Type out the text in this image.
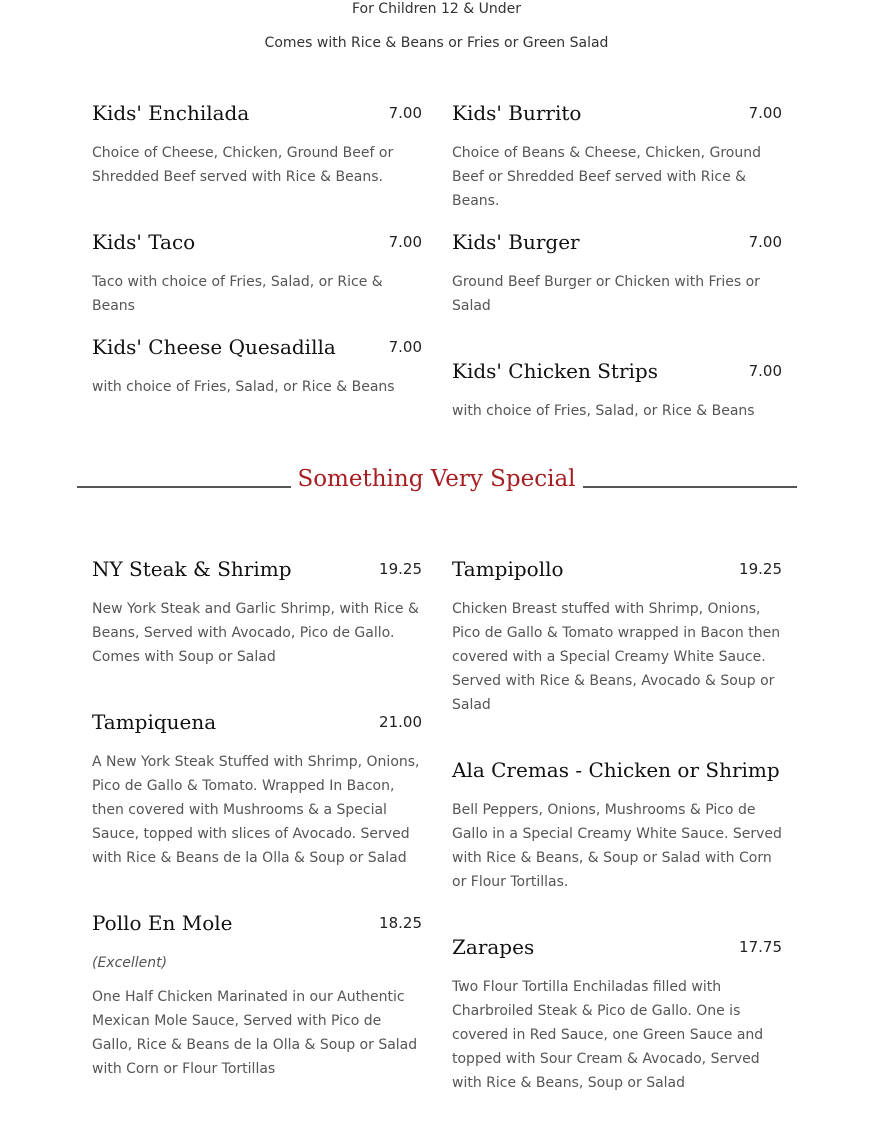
For Children 12 & Under
Comes with Rice & Beans or Fries or Green Salad
Kids' Enchilada	7.00
Choice of Cheese, Chicken, Ground Beef or Shredded Beef served with Rice & Beans.
Kids' Burrito	7.00
Choice of Beans & Cheese, Chicken, Ground Beef or Shredded Beef served with Rice & Beans.
Kids' Taco	7.00
Taco with choice of Fries, Salad, or Rice & Beans
Kids' Burger	7.00
Ground Beef Burger or Chicken with Fries or Salad
Kids' Cheese Quesadilla	7.00
with choice of Fries, Salad, or Rice & Beans
Kids' Chicken Strips	7.00
with choice of Fries, Salad, or Rice & Beans
Something Very Special
NY Steak & Shrimp	19.25
New York Steak and Garlic Shrimp, with Rice & Beans, Served with Avocado, Pico de Gallo. Comes with Soup or Salad
Tampipollo	19.25
Chicken Breast stuffed with Shrimp, Onions, Pico de Gallo & Tomato wrapped in Bacon then covered with a Special Creamy White Sauce. Served with Rice & Beans, Avocado & Soup or Salad
Tampiquena	21.00
A New York Steak Stuffed with Shrimp, Onions, Pico de Gallo & Tomato. Wrapped In Bacon, then covered with Mushrooms & a Special Sauce, topped with slices of Avocado. Served with Rice & Beans de la Olla & Soup or Salad
Ala Cremas - Chicken or Shrimp
Bell Peppers, Onions, Mushrooms & Pico de Gallo in a Special Creamy White Sauce. Served with Rice & Beans, & Soup or Salad with Corn or Flour Tortillas.
Pollo En Mole	18.25
(Excellent)
One Half Chicken Marinated in our Authentic Mexican Mole Sauce, Served with Pico de Gallo, Rice & Beans de la Olla & Soup or Salad with Corn or Flour Tortillas
Zarapes	17.75
Two Flour Tortilla Enchiladas filled with Charbroiled Steak & Pico de Gallo. One is covered in Red Sauce, one Green Sauce and topped with Sour Cream & Avocado, Served with Rice & Beans, Soup or Salad
